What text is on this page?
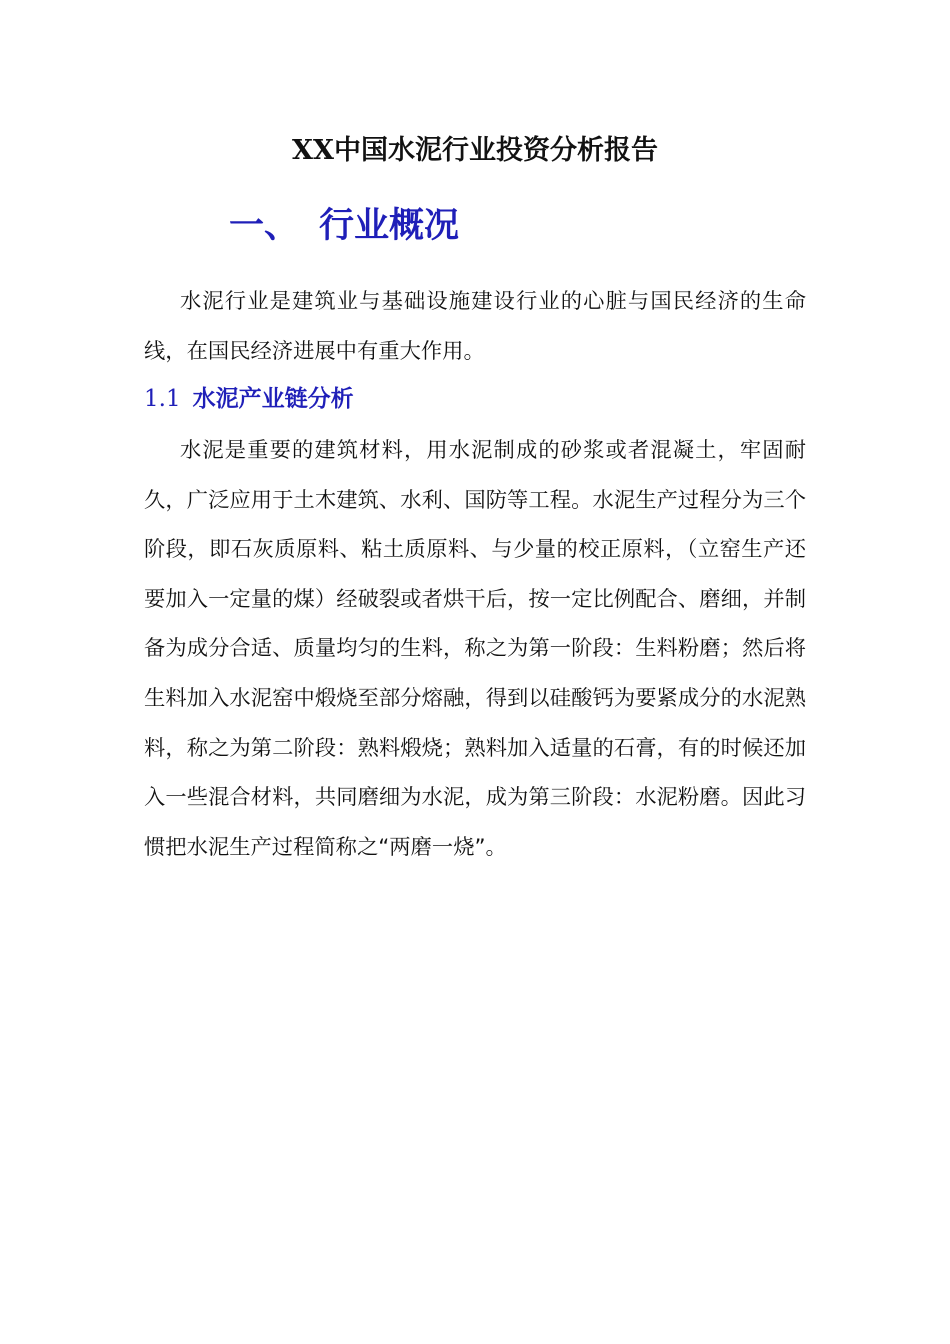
XX中国水泥行业投资分析报告
一、 行业概况

水泥行业是建筑业与基础设施建设行业的心脏与国民经济的生命线，在国民经济进展中有重大作用。

1.1 水泥产业链分析

水泥是重要的建筑材料，用水泥制成的砂浆或者混凝土，牢固耐久，广泛应用于土木建筑、水利、国防等工程。水泥生产过程分为三个阶段，即石灰质原料、粘土质原料、与少量的校正原料，（立窑生产还要加入一定量的煤）经破裂或者烘干后，按一定比例配合、磨细，并制备为成分合适、质量均匀的生料，称之为第一阶段：生料粉磨；然后将生料加入水泥窑中煅烧至部分熔融，得到以硅酸钙为要紧成分的水泥熟料，称之为第二阶段：熟料煅烧；熟料加入适量的石膏，有的时候还加入一些混合材料，共同磨细为水泥，成为第三阶段：水泥粉磨。因此习惯把水泥生产过程简称之“两磨一烧”。
